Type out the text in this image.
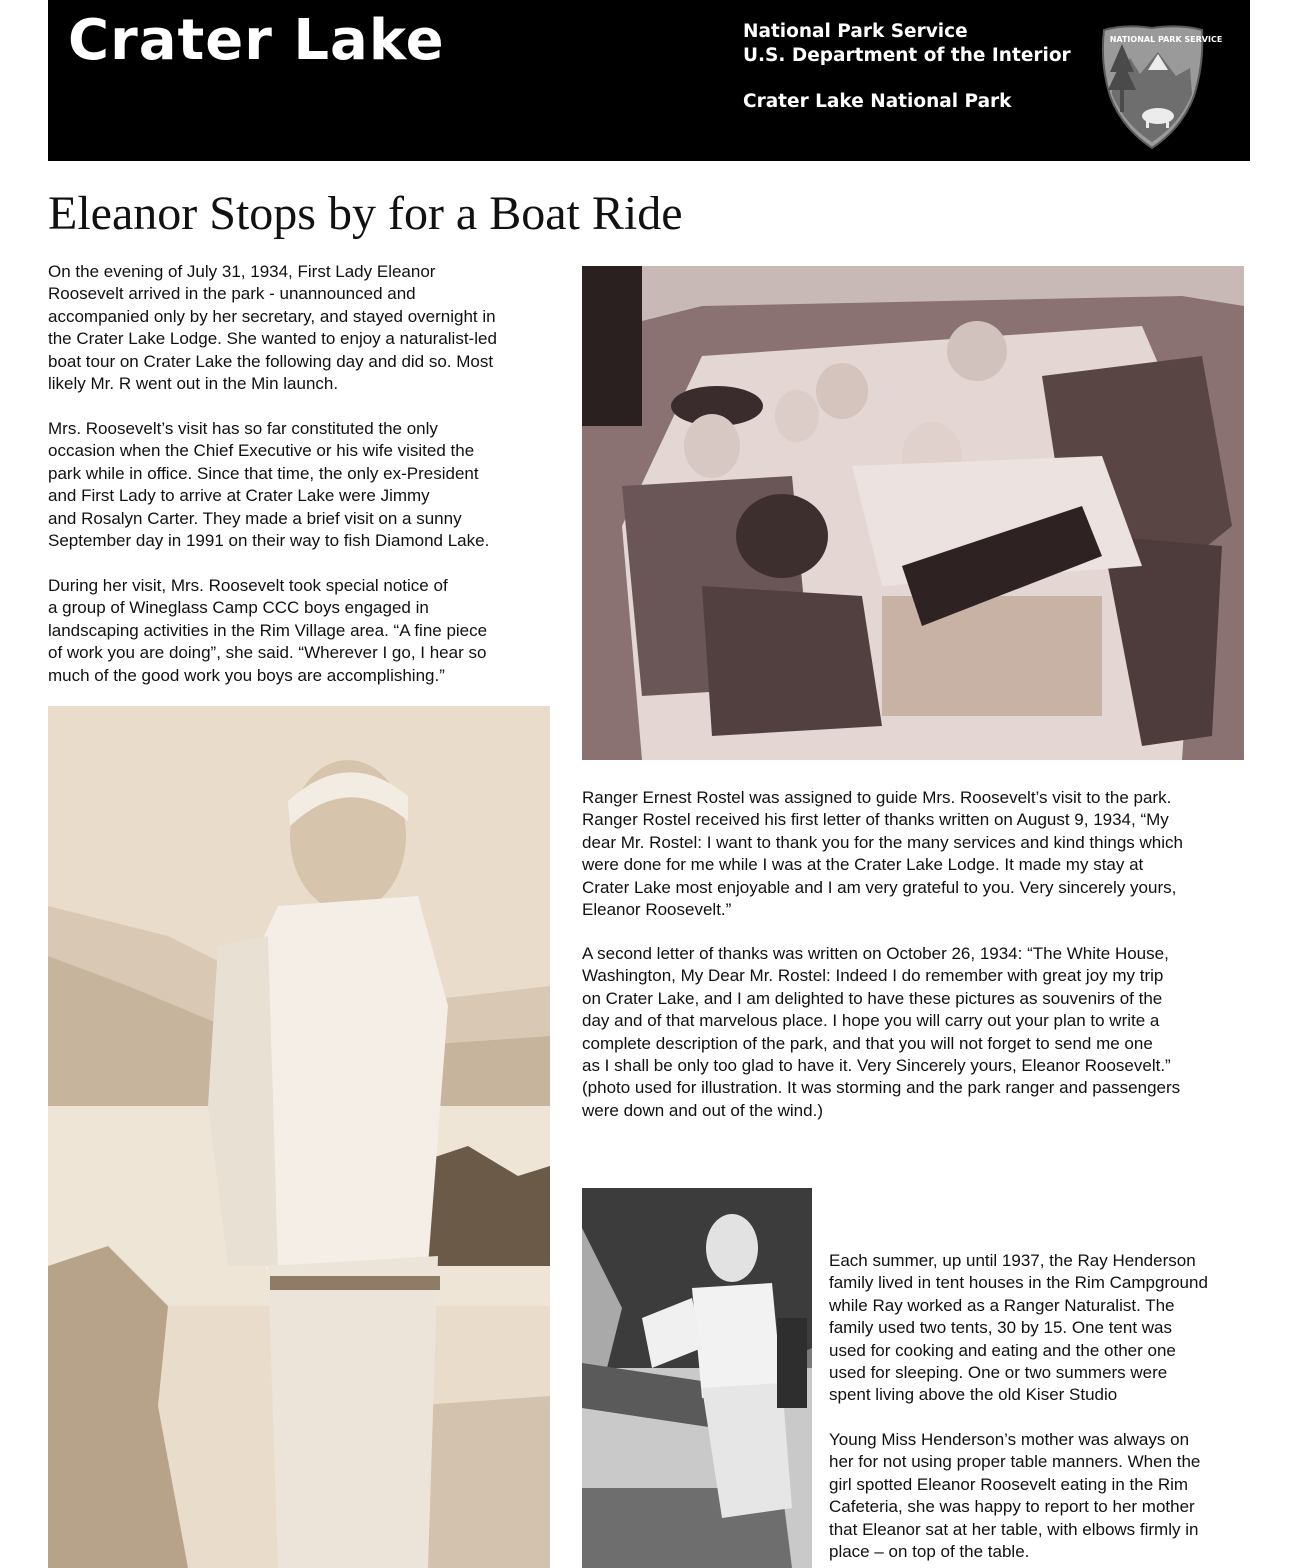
Crater Lake	National Park Service
U.S. Department of the Interior
Crater Lake National Park
NATIONAL PARK SERVICE
Eleanor Stops by for a Boat Ride

On the evening of July 31, 1934, First Lady Eleanor
Roosevelt arrived in the park - unannounced and
accompanied only by her secretary, and stayed overnight in
the Crater Lake Lodge. She wanted to enjoy a naturalist-led
boat tour on Crater Lake the following day and did so. Most
likely Mr. R went out in the Min launch.

Mrs. Roosevelt’s visit has so far constituted the only
occasion when the Chief Executive or his wife visited the
park while in office. Since that time, the only ex-President
and First Lady to arrive at Crater Lake were Jimmy
and Rosalyn Carter. They made a brief visit on a sunny
September day in 1991 on their way to fish Diamond Lake.

During her visit, Mrs. Roosevelt took special notice of
a group of Wineglass Camp CCC boys engaged in
landscaping activities in the Rim Village area. “A fine piece
of work you are doing”, she said. “Wherever I go, I hear so
much of the good work you boys are accomplishing.”

Ranger Ernest Rostel was assigned to guide Mrs. Roosevelt’s visit to the park.
Ranger Rostel received his first letter of thanks written on August 9, 1934, “My
dear Mr. Rostel: I want to thank you for the many services and kind things which
were done for me while I was at the Crater Lake Lodge. It made my stay at
Crater Lake most enjoyable and I am very grateful to you. Very sincerely yours,
Eleanor Roosevelt.”

A second letter of thanks was written on October 26, 1934: “The White House,
Washington, My Dear Mr. Rostel: Indeed I do remember with great joy my trip
on Crater Lake, and I am delighted to have these pictures as souvenirs of the
day and of that marvelous place. I hope you will carry out your plan to write a
complete description of the park, and that you will not forget to send me one
as I shall be only too glad to have it. Very Sincerely yours, Eleanor Roosevelt.”
(photo used for illustration. It was storming and the park ranger and passengers
were down and out of the wind.)

Each summer, up until 1937, the Ray Henderson
family lived in tent houses in the Rim Campground
while Ray worked as a Ranger Naturalist. The
family used two tents, 30 by 15. One tent was
used for cooking and eating and the other one
used for sleeping. One or two summers were
spent living above the old Kiser Studio

Young Miss Henderson’s mother was always on
her for not using proper table manners. When the
girl spotted Eleanor Roosevelt eating in the Rim
Cafeteria, she was happy to report to her mother
that Eleanor sat at her table, with elbows firmly in
place – on top of the table.
